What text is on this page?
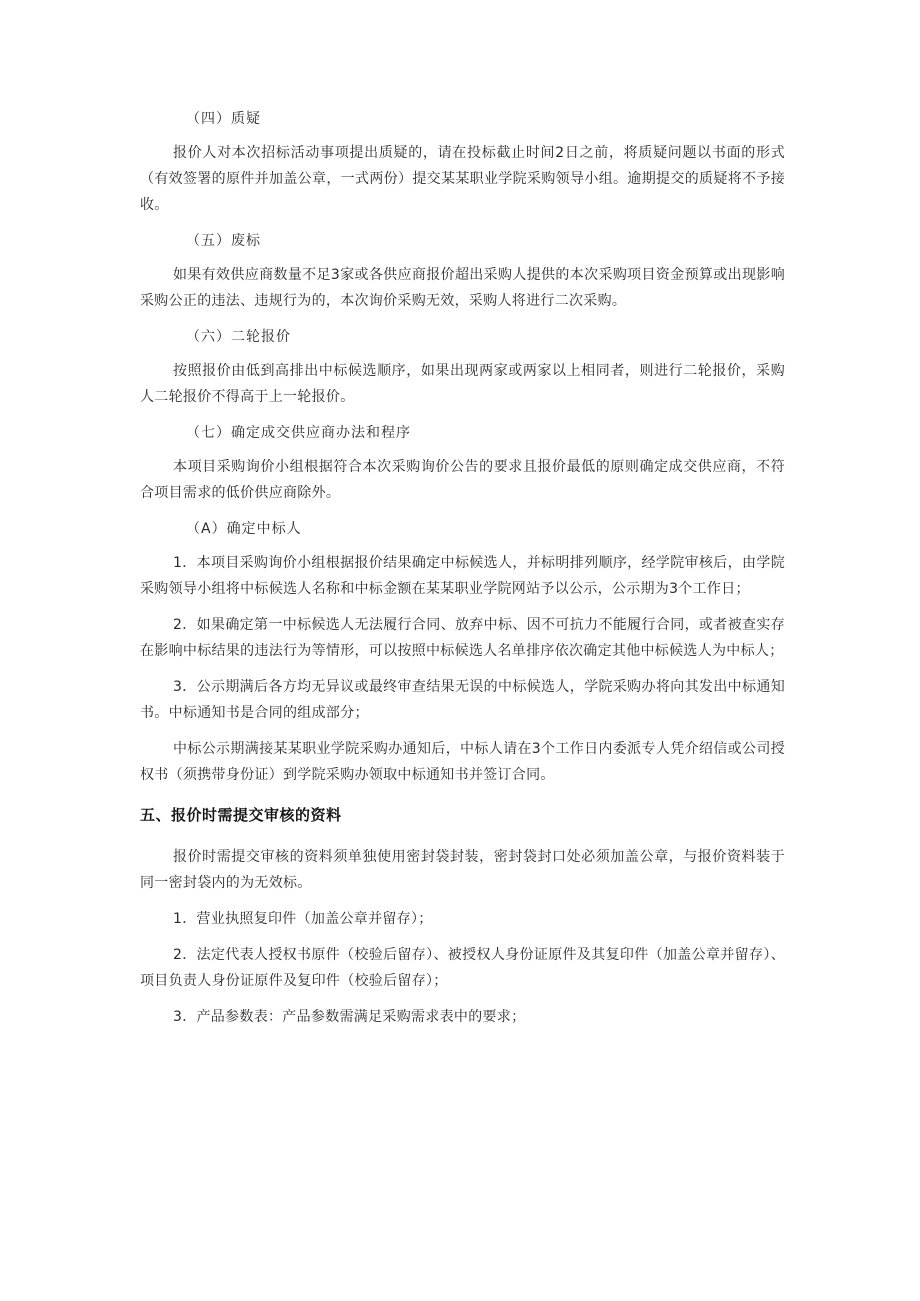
（四）质疑
报价人对本次招标活动事项提出质疑的，请在投标截止时间2日之前，将质疑问题以书面的形式（有效签署的原件并加盖公章，一式两份）提交某某职业学院采购领导小组。逾期提交的质疑将不予接收。
（五）废标
如果有效供应商数量不足3家或各供应商报价超出采购人提供的本次采购项目资金预算或出现影响采购公正的违法、违规行为的，本次询价采购无效，采购人将进行二次采购。
（六）二轮报价
按照报价由低到高排出中标候选顺序，如果出现两家或两家以上相同者，则进行二轮报价，采购人二轮报价不得高于上一轮报价。
（七）确定成交供应商办法和程序
本项目采购询价小组根据符合本次采购询价公告的要求且报价最低的原则确定成交供应商，不符合项目需求的低价供应商除外。
（A）确定中标人
1．本项目采购询价小组根据报价结果确定中标候选人，并标明排列顺序，经学院审核后，由学院采购领导小组将中标候选人名称和中标金额在某某职业学院网站予以公示，公示期为3个工作日；
2．如果确定第一中标候选人无法履行合同、放弃中标、因不可抗力不能履行合同，或者被查实存在影响中标结果的违法行为等情形，可以按照中标候选人名单排序依次确定其他中标候选人为中标人；
3．公示期满后各方均无异议或最终审查结果无误的中标候选人，学院采购办将向其发出中标通知书。中标通知书是合同的组成部分；
中标公示期满接某某职业学院采购办通知后，中标人请在3个工作日内委派专人凭介绍信或公司授权书（须携带身份证）到学院采购办领取中标通知书并签订合同。
五、报价时需提交审核的资料
报价时需提交审核的资料须单独使用密封袋封装，密封袋封口处必须加盖公章，与报价资料装于同一密封袋内的为无效标。
1．营业执照复印件（加盖公章并留存）；
2．法定代表人授权书原件（校验后留存）、被授权人身份证原件及其复印件（加盖公章并留存）、项目负责人身份证原件及复印件（校验后留存）；
3．产品参数表：产品参数需满足采购需求表中的要求；
